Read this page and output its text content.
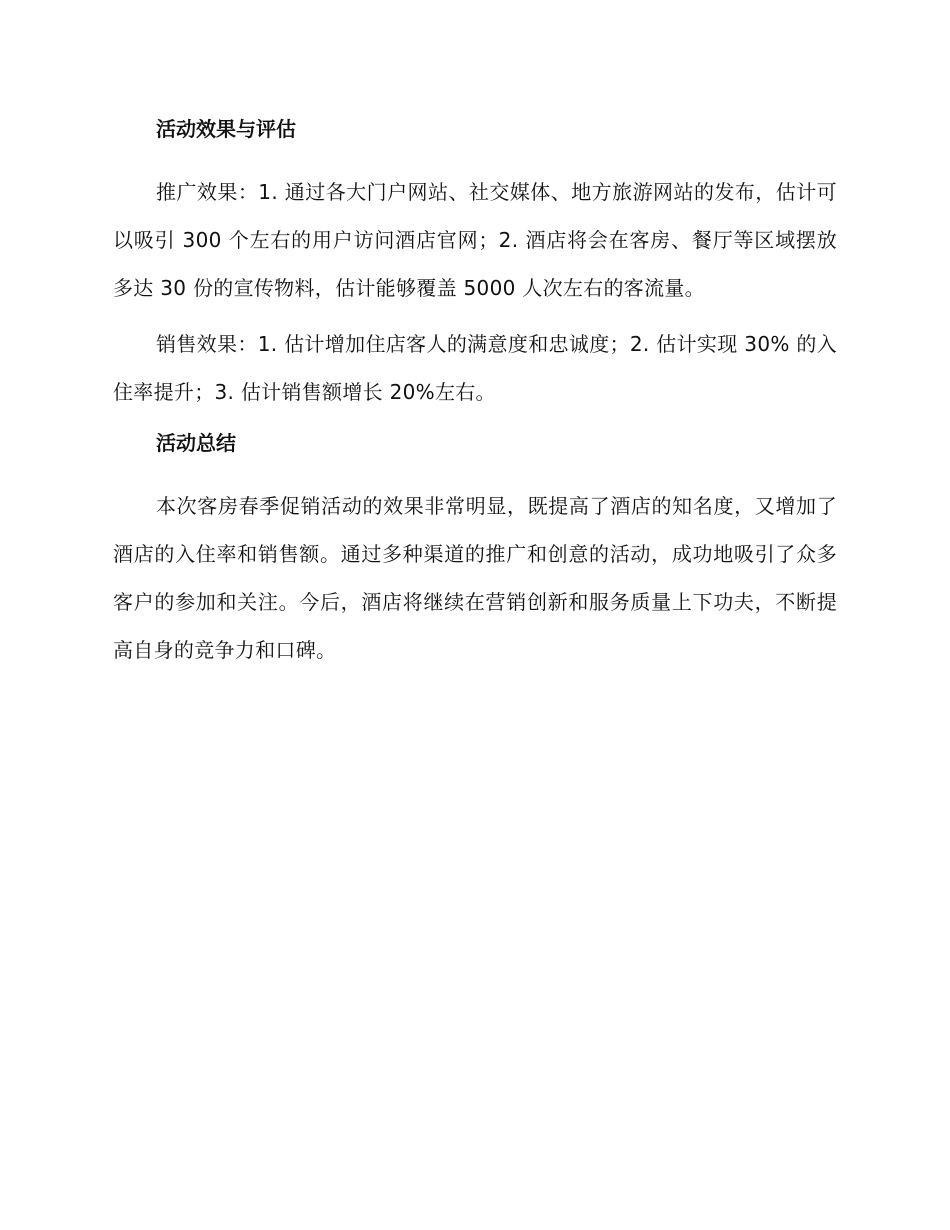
活动效果与评估

推广效果：1. 通过各大门户网站、社交媒体、地方旅游网站的发布，估计可以吸引 300 个左右的用户访问酒店官网；2. 酒店将会在客房、餐厅等区域摆放多达 30 份的宣传物料，估计能够覆盖 5000 人次左右的客流量。

销售效果：1. 估计增加住店客人的满意度和忠诚度；2. 估计实现 30% 的入住率提升；3. 估计销售额增长 20%左右。

活动总结

本次客房春季促销活动的效果非常明显，既提高了酒店的知名度，又增加了酒店的入住率和销售额。通过多种渠道的推广和创意的活动，成功地吸引了众多客户的参加和关注。今后，酒店将继续在营销创新和服务质量上下功夫，不断提高自身的竞争力和口碑。
